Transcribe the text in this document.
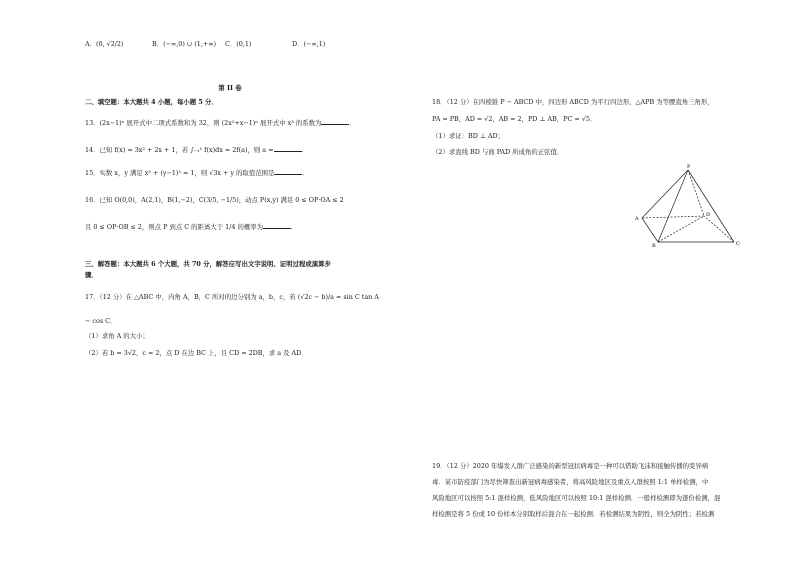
A．(0, √2/2)	B．(−∞,0) ∪ (1,+∞) C．(0,1)	D．(−∞,1)
第 II 卷
二、填空题：本大题共 4 小题，每小题 5 分．
13．(2x−1)ⁿ 展开式中二项式系数和为 32，则 (2x²+x−1)ⁿ 展开式中 x³ 的系数为	．
14．已知 f(x) = 3x² + 2x + 1，若 ∫₋₁¹ f(x)dx = 2f(a)，则 a =	．
15．实数 x，y 满足 x² + (y−1)² = 1，则 √3x + y 的取值范围是	．
16．已知 O(0,0)，A(2,1)，B(1,−2)，C(3/5, −1/5)，动点 P(x,y) 满足 0 ≤ OP·OA ≤ 2
且 0 ≤ OP·OB ≤ 2，则点 P 到点 C 的距离大于 1/4 的概率为	．
三、解答题：本大题共 6 个大题，共 70 分，解答应写出文字说明、证明过程或演算步
骤．
17．（12 分）在 △ABC 中，内角 A，B，C 所对的边分别为 a，b，c，若 (√2c − b)/a = sin C tan A
− cos C．
（1）求角 A 的大小；
（2）若 b = 3√2，c = 2，点 D 在边 BC 上，且 CD = 2DB，求 a 及 AD．
18．（12 分）在四棱锥 P − ABCD 中，四边形 ABCD 为平行四边形，△APB 为等腰直角三角形，
PA = PB，AD = √2，AB = 2，PD ⊥ AB，PC = √5．
（1）求证：BD ⊥ AD；
（2）求直线 BD 与面 PAD 所成角的正弦值．
P
A
B	C
D
19．（12 分）2020 年爆发人群广泛感染的新型冠状病毒是一种可以借助飞沫和接触传播的变异病
毒．某市防疫部门为尽快筛查出新冠病毒感染者，将高风险地区及重点人群按照 1:1 单样检测，中
风险地区可以按照 5:1 混样检测，低风险地区可以按照 10:1 混样检测．一般样检测即为逐份检测，混
样检测是将 5 份或 10 份样本分别取样后混合在一起检测．若检测结果为阴性，则全为阴性；若检测
